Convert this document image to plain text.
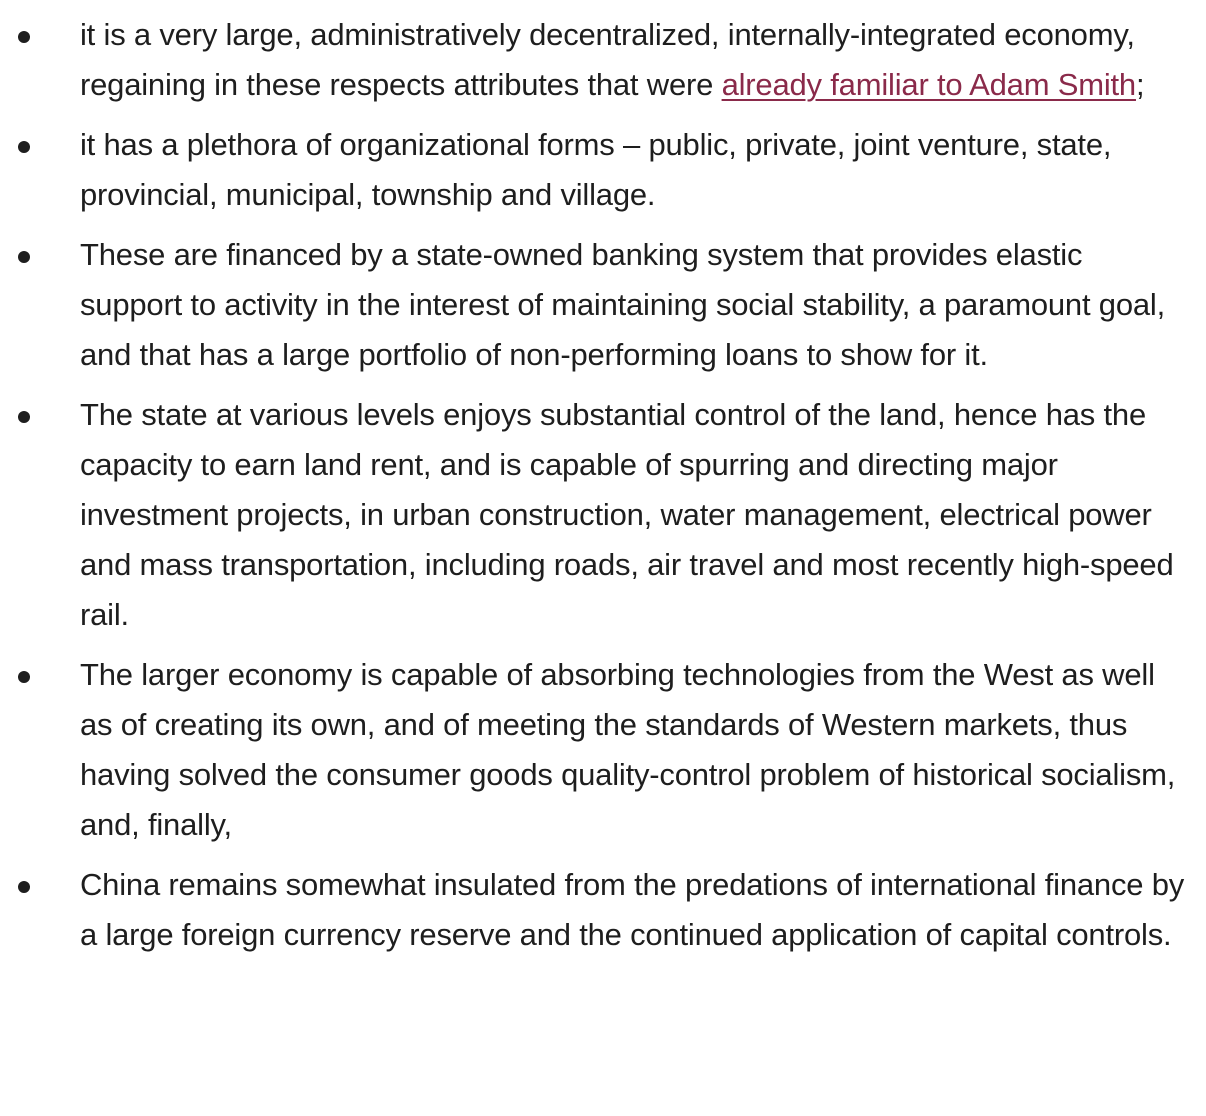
it is a very large, administratively decentralized, internally-integrated economy, regaining in these respects attributes that were already familiar to Adam Smith;
it has a plethora of organizational forms – public, private, joint venture, state, provincial, municipal, township and village.
These are financed by a state-owned banking system that provides elastic support to activity in the interest of maintaining social stability, a paramount goal, and that has a large portfolio of non-performing loans to show for it.
The state at various levels enjoys substantial control of the land, hence has the capacity to earn land rent, and is capable of spurring and directing major investment projects, in urban construction, water management, electrical power and mass transportation, including roads, air travel and most recently high-speed rail.
The larger economy is capable of absorbing technologies from the West as well as of creating its own, and of meeting the standards of Western markets, thus having solved the consumer goods quality-control problem of historical socialism, and, finally,
China remains somewhat insulated from the predations of international finance by a large foreign currency reserve and the continued application of capital controls.
